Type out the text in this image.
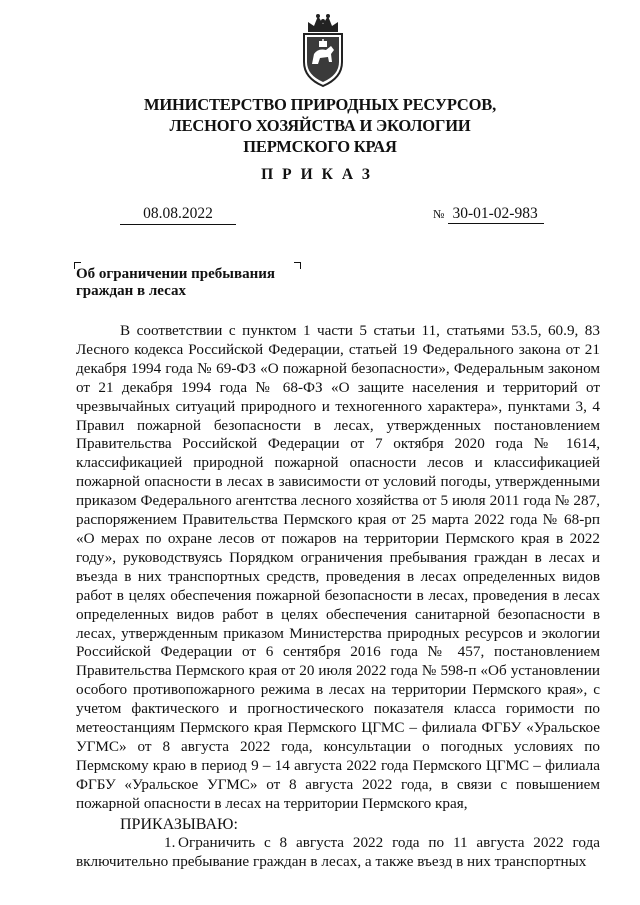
МИНИСТЕРСТВО ПРИРОДНЫХ РЕСУРСОВ,
ЛЕСНОГО ХОЗЯЙСТВА И ЭКОЛОГИИ
ПЕРМСКОГО КРАЯ
ПРИКАЗ
08.08.2022	№ 30-01-02-983
Об ограничении пребывания
граждан в лесах

В соответствии с пунктом 1 части 5 статьи 11, статьями 53.5, 60.9, 83 Лесного кодекса Российской Федерации, статьей 19 Федерального закона от 21 декабря 1994 года № 69-ФЗ «О пожарной безопасности», Федеральным законом от 21 декабря 1994 года № 68-ФЗ «О защите населения и территорий от чрезвычайных ситуаций природного и техногенного характера», пунктами 3, 4 Правил пожарной безопасности в лесах, утвержденных постановлением Правительства Российской Федерации от 7 октября 2020 года № 1614, классификацией природной пожарной опасности лесов и классификацией пожарной опасности в лесах в зависимости от условий погоды, утвержденными приказом Федерального агентства лесного хозяйства от 5 июля 2011 года № 287, распоряжением Правительства Пермского края от 25 марта 2022 года № 68-рп «О мерах по охране лесов от пожаров на территории Пермского края в 2022 году», руководствуясь Порядком ограничения пребывания граждан в лесах и въезда в них транспортных средств, проведения в лесах определенных видов работ в целях обеспечения пожарной безопасности в лесах, проведения в лесах определенных видов работ в целях обеспечения санитарной безопасности в лесах, утвержденным приказом Министерства природных ресурсов и экологии Российской Федерации от 6 сентября 2016 года № 457, постановлением Правительства Пермского края от 20 июля 2022 года № 598-п «Об установлении особого противопожарного режима в лесах на территории Пермского края», с учетом фактического и прогностического показателя класса горимости по метеостанциям Пермского края Пермского ЦГМС – филиала ФГБУ «Уральское УГМС» от 8 августа 2022 года, консультации о погодных условиях по Пермскому краю в период 9 – 14 августа 2022 года Пермского ЦГМС – филиала ФГБУ «Уральское УГМС» от 8 августа 2022 года, в связи с повышением пожарной опасности в лесах на территории Пермского края,

ПРИКАЗЫВАЮ:

1. Ограничить с 8 августа 2022 года по 11 августа 2022 года включительно пребывание граждан в лесах, а также въезд в них транспортных
